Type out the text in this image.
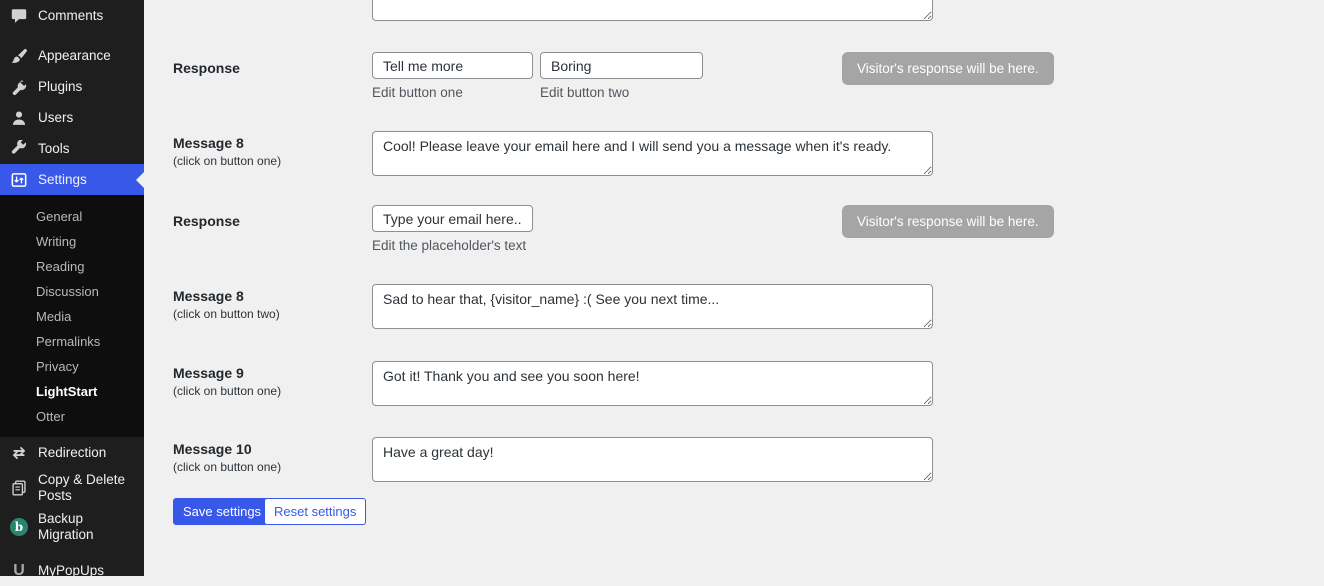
Comments
Appearance
Plugins
Users
Tools
Settings
General
Writing
Reading
Discussion
Media
Permalinks
Privacy
LightStart
Otter
Redirection
Copy & Delete Posts
b
Backup Migration
U MyPopUps
Response
Tell me more
Boring
Edit button one	Edit button two
Visitor's response will be here.
Message 8
(click on button one)
Cool! Please leave your email here and I will send you a message when it's ready.
Response
Type your email here...
Edit the placeholder's text
Visitor's response will be here.
Message 8
(click on button two)
Sad to hear that, {visitor_name} :( See you next time...
Message 9
(click on button one)
Got it! Thank you and see you soon here!
Message 10
(click on button one)
Have a great day!
Save settings Reset settings
